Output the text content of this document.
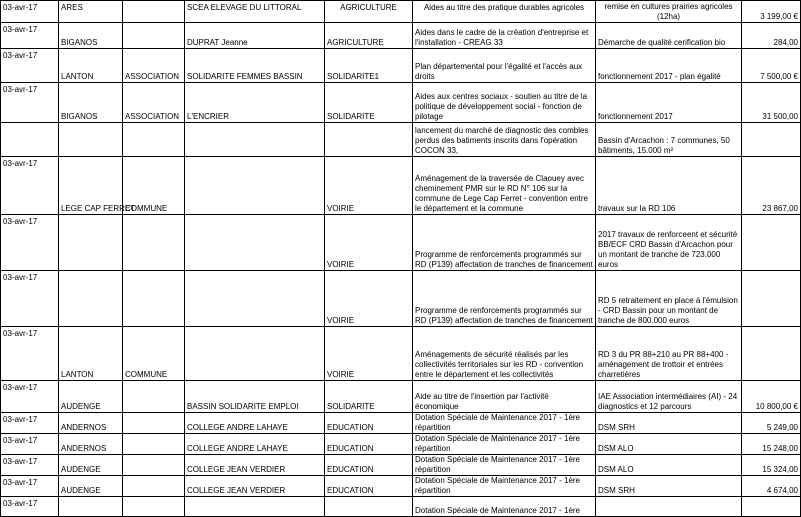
03-avr-17	ARES		SCEA ELEVAGE DU LITTORAL	AGRICULTURE	Aides au titre des pratique durables agricoles	remise en cultures prairies agricoles (12ha)	3 199,00 €
03-avr-17	BIGANOS		DUPRAT Jeanne	AGRICULTURE	Aides dans le cadre de la création d'entreprise et l'installation - CREAG 33	Démarche de qualité cerification bio	284,00
03-avr-17	LANTON	ASSOCIATION	SOLIDARITE FEMMES BASSIN	SOLIDARITE1	Plan départemental pour l'égalité et l'accès aux droits	fonctionnement 2017 - plan égalité	7 500,00 €
03-avr-17	BIGANOS	ASSOCIATION	L'ENCRIER	SOLIDARITE	Aides aux centres sociaux - soutien au titre de la politique de développement social - fonction de pilotage	fonctionnement 2017	31 500,00
					lancement du marché de diagnostic des combles perdus des batiments inscrits dans l'opération COCON 33,	Bassin d'Arcachon : 7 communes, 50 bâtiments, 15.000 m²	
03-avr-17	LEGE CAP FERRET	COMMUNE		VOIRIE	Aménagement de la traversée de Claouey avec cheminement PMR sur le RD N° 106 sur la commune de Lege Cap Ferret - convention entre le département et la commune	travaux sur la RD 106	23 867,00
03-avr-17				VOIRIE	Programme de renforcements programmés sur RD (P139) affectation de tranches de financement	2017 travaux de renforceent et sécurité BB/ECF CRD Bassin d'Arcachon pour un montant de tranche de 723.000 euros	
03-avr-17				VOIRIE	Programme de renforcements programmés sur RD (P139) affectation de tranches de financement	RD 5 retraitement en place à l'émulsion - CRD Bassin pour un montant de tranche de 800.000 euros	
03-avr-17	LANTON	COMMUNE		VOIRIE	Aménagements de sécurité réalisés par les collectivités territoriales sur les RD - convention entre le département et les collectivités	RD 3 du PR 88+210 au PR 88+400 - aménagement de trottoir et entrées charretières	
03-avr-17	AUDENGE		BASSIN SOLIDARITE EMPLOI	SOLIDARITE	Aide au titre de l'insertion par l'activité économique	IAE Association intermédiaires (AI) - 24 diagnostics et 12 parcours	10 800,00 €
03-avr-17	ANDERNOS		COLLEGE ANDRE LAHAYE	EDUCATION	Dotation Spéciale de Maintenance 2017 - 1ère répartition	DSM SRH	5 249,00
03-avr-17	ANDERNOS		COLLEGE ANDRE LAHAYE	EDUCATION	Dotation Spéciale de Maintenance 2017 - 1ère répartition	DSM ALO	15 248,00
03-avr-17	AUDENGE		COLLEGE JEAN VERDIER	EDUCATION	Dotation Spéciale de Maintenance 2017 - 1ère répartition	DSM ALO	15 324,00
03-avr-17	AUDENGE		COLLEGE JEAN VERDIER	EDUCATION	Dotation Spéciale de Maintenance 2017 - 1ère répartition	DSM SRH	4 674,00
03-avr-17					Dotation Spéciale de Maintenance 2017 - 1ère		
